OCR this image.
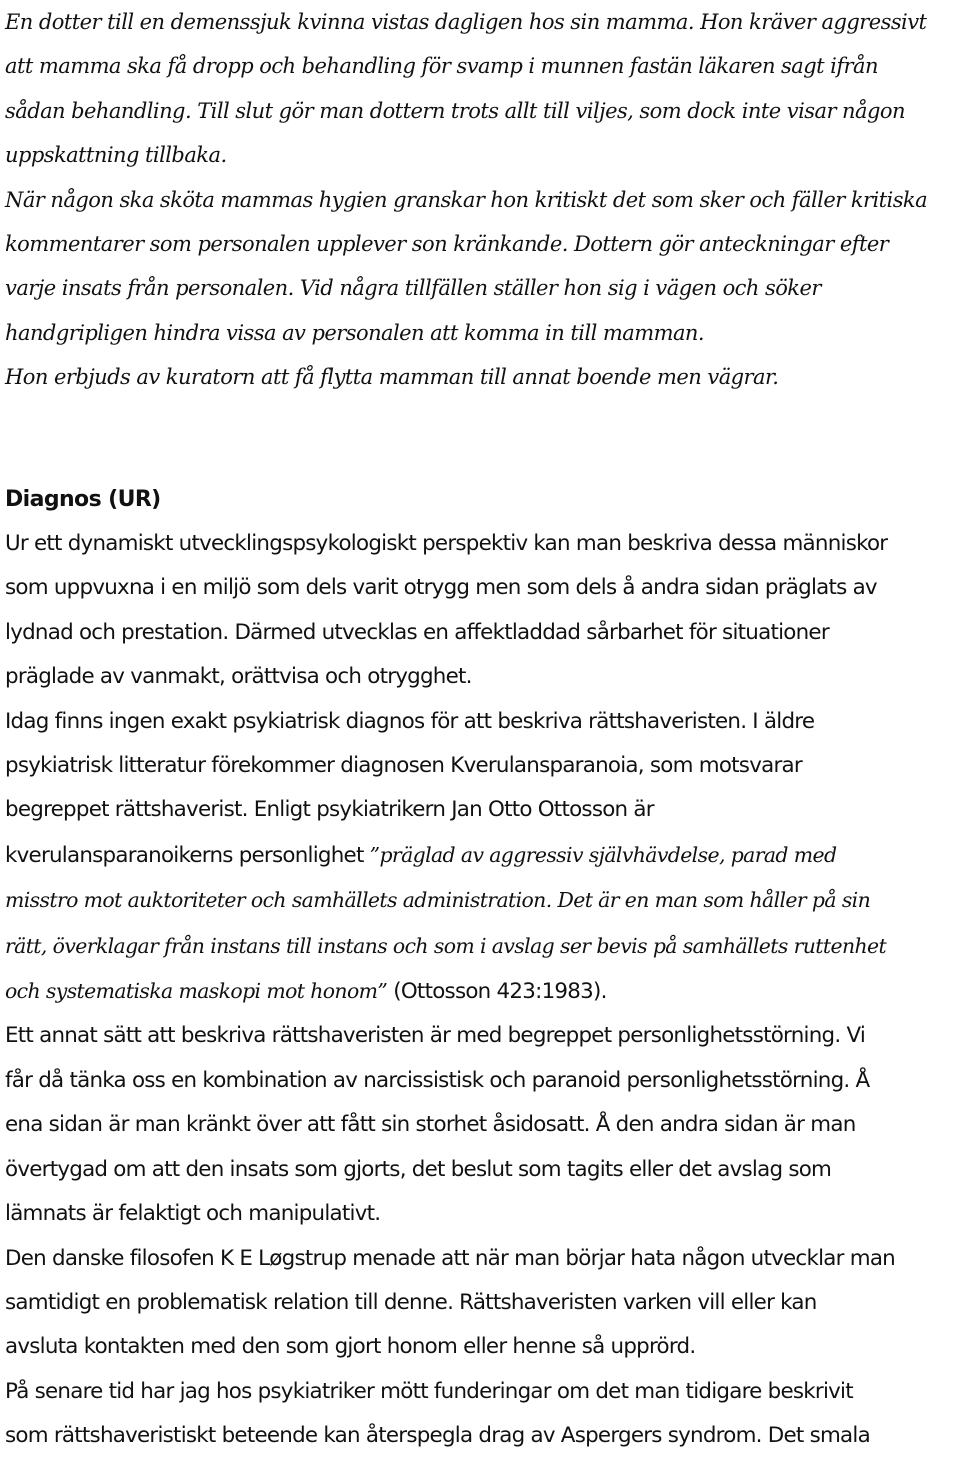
En dotter till en demenssjuk kvinna vistas dagligen hos sin mamma. Hon kräver aggressivt
att mamma ska få dropp och behandling för svamp i munnen fastän läkaren sagt ifrån
sådan behandling. Till slut gör man dottern trots allt till viljes, som dock inte visar någon
uppskattning tillbaka.
När någon ska sköta mammas hygien granskar hon kritiskt det som sker och fäller kritiska
kommentarer som personalen upplever son kränkande. Dottern gör anteckningar efter
varje insats från personalen. Vid några tillfällen ställer hon sig i vägen och söker
handgripligen hindra vissa av personalen att komma in till mamman.
Hon erbjuds av kuratorn att få flytta mamman till annat boende men vägrar.
Diagnos (UR)
Ur ett dynamiskt utvecklingspsykologiskt perspektiv kan man beskriva dessa människor
som uppvuxna i en miljö som dels varit otrygg men som dels å andra sidan präglats av
lydnad och prestation. Därmed utvecklas en affektladdad sårbarhet för situationer
präglade av vanmakt, orättvisa och otrygghet.
Idag finns ingen exakt psykiatrisk diagnos för att beskriva rättshaveristen. I äldre
psykiatrisk litteratur förekommer diagnosen Kverulansparanoia, som motsvarar
begreppet rättshaverist. Enligt psykiatrikern Jan Otto Ottosson är
kverulansparanoikerns personlighet ”präglad av aggressiv självhävdelse, parad med
misstro mot auktoriteter och samhällets administration. Det är en man som håller på sin
rätt, överklagar från instans till instans och som i avslag ser bevis på samhällets ruttenhet
och systematiska maskopi mot honom” (Ottosson 423:1983).
Ett annat sätt att beskriva rättshaveristen är med begreppet personlighetsstörning. Vi
får då tänka oss en kombination av narcissistisk och paranoid personlighetsstörning. Å
ena sidan är man kränkt över att fått sin storhet åsidosatt. Å den andra sidan är man
övertygad om att den insats som gjorts, det beslut som tagits eller det avslag som
lämnats är felaktigt och manipulativt.
Den danske filosofen K E Løgstrup menade att när man börjar hata någon utvecklar man
samtidigt en problematisk relation till denne. Rättshaveristen varken vill eller kan
avsluta kontakten med den som gjort honom eller henne så upprörd.
På senare tid har jag hos psykiatriker mött funderingar om det man tidigare beskrivit
som rättshaveristiskt beteende kan återspegla drag av Aspergers syndrom. Det smala
